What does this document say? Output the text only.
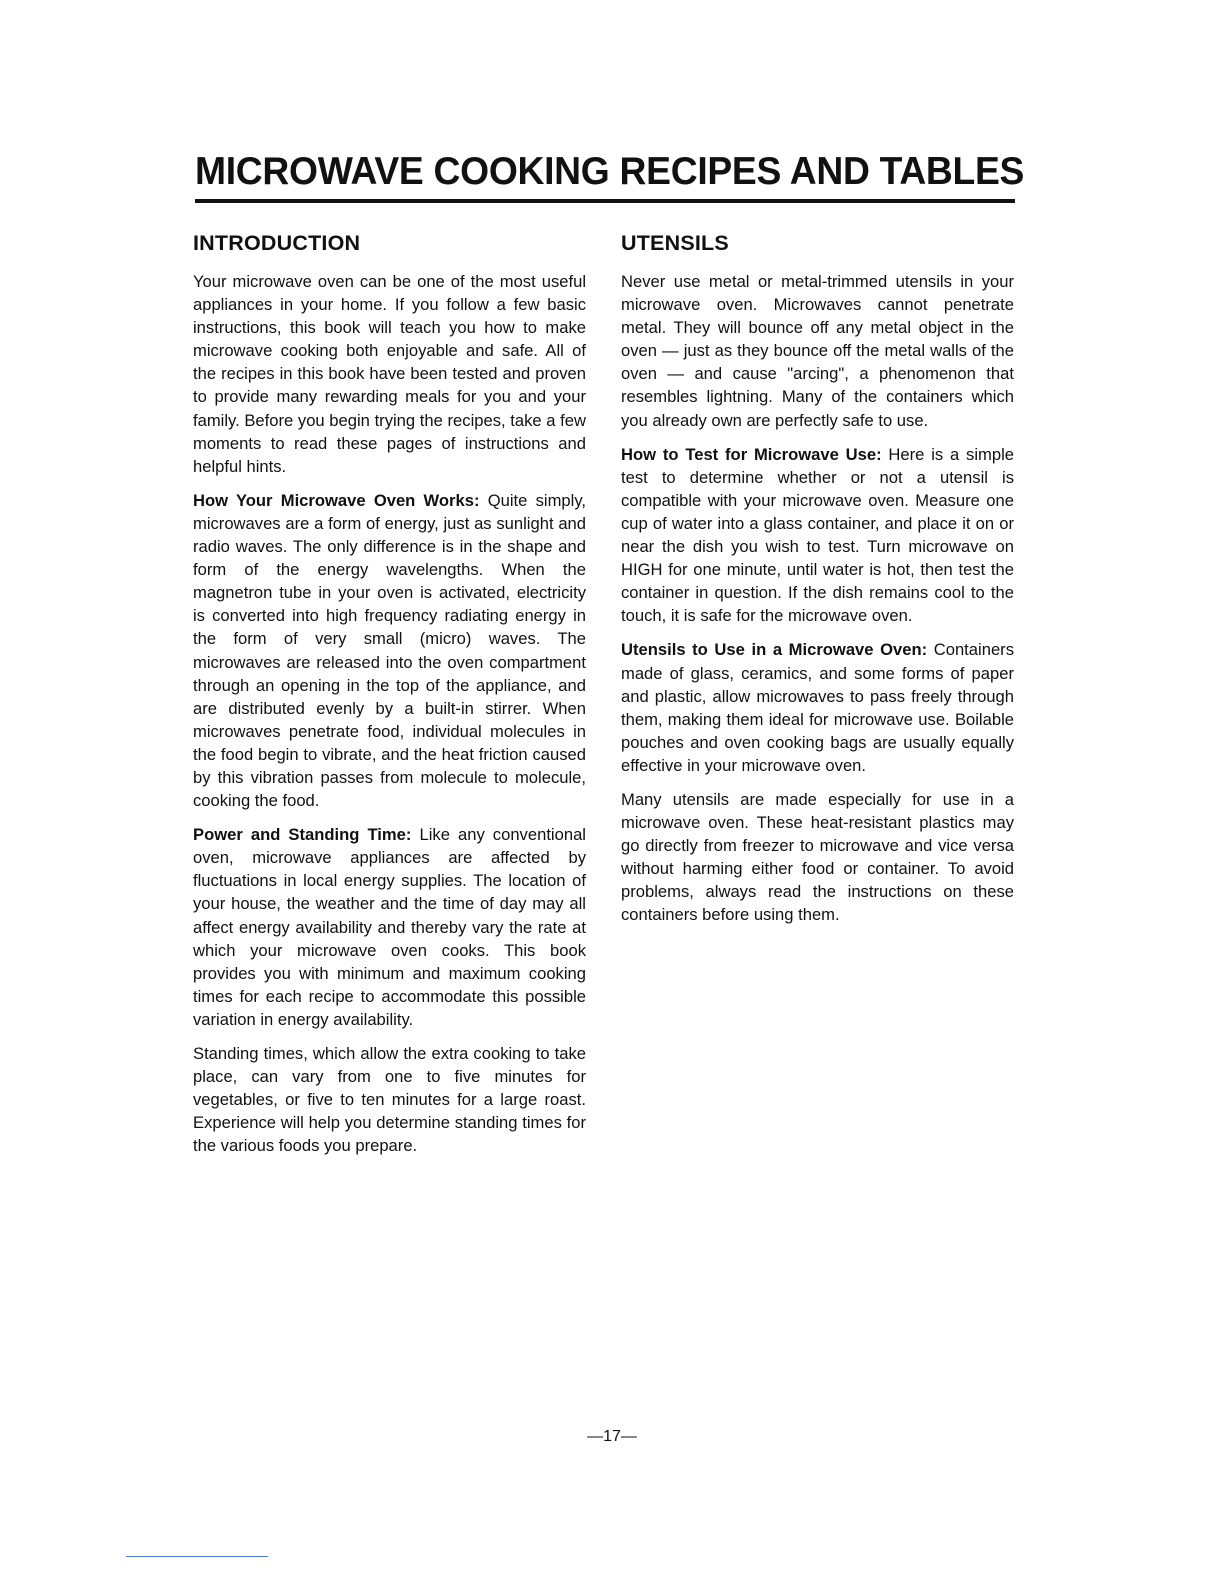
MICROWAVE COOKING RECIPES AND TABLES
INTRODUCTION

Your microwave oven can be one of the most useful appliances in your home. If you follow a few basic instructions, this book will teach you how to make microwave cooking both enjoyable and safe. All of the recipes in this book have been tested and proven to provide many rewarding meals for you and your family. Before you begin trying the recipes, take a few moments to read these pages of instructions and helpful hints.

How Your Microwave Oven Works: Quite simply, microwaves are a form of energy, just as sunlight and radio waves. The only difference is in the shape and form of the energy wavelengths. When the magnetron tube in your oven is activated, electricity is converted into high frequency radiating energy in the form of very small (micro) waves. The microwaves are released into the oven compartment through an opening in the top of the appliance, and are distributed evenly by a built-in stirrer. When microwaves penetrate food, individual molecules in the food begin to vibrate, and the heat friction caused by this vibration passes from molecule to molecule, cooking the food.

Power and Standing Time: Like any conventional oven, microwave appliances are affected by fluctuations in local energy supplies. The location of your house, the weather and the time of day may all affect energy availability and thereby vary the rate at which your microwave oven cooks. This book provides you with minimum and maximum cooking times for each recipe to accommodate this possible variation in energy availability.

Standing times, which allow the extra cooking to take place, can vary from one to five minutes for vegetables, or five to ten minutes for a large roast. Experience will help you determine standing times for the various foods you prepare.

UTENSILS

Never use metal or metal-trimmed utensils in your microwave oven. Microwaves cannot penetrate metal. They will bounce off any metal object in the oven — just as they bounce off the metal walls of the oven — and cause "arcing", a phenomenon that resembles lightning. Many of the containers which you already own are perfectly safe to use.

How to Test for Microwave Use: Here is a simple test to determine whether or not a utensil is compatible with your microwave oven. Measure one cup of water into a glass container, and place it on or near the dish you wish to test. Turn microwave on HIGH for one minute, until water is hot, then test the container in question. If the dish remains cool to the touch, it is safe for the microwave oven.

Utensils to Use in a Microwave Oven: Containers made of glass, ceramics, and some forms of paper and plastic, allow microwaves to pass freely through them, making them ideal for microwave use. Boilable pouches and oven cooking bags are usually equally effective in your microwave oven.

Many utensils are made especially for use in a microwave oven. These heat-resistant plastics may go directly from freezer to microwave and vice versa without harming either food or container. To avoid problems, always read the instructions on these containers before using them.

—17—
